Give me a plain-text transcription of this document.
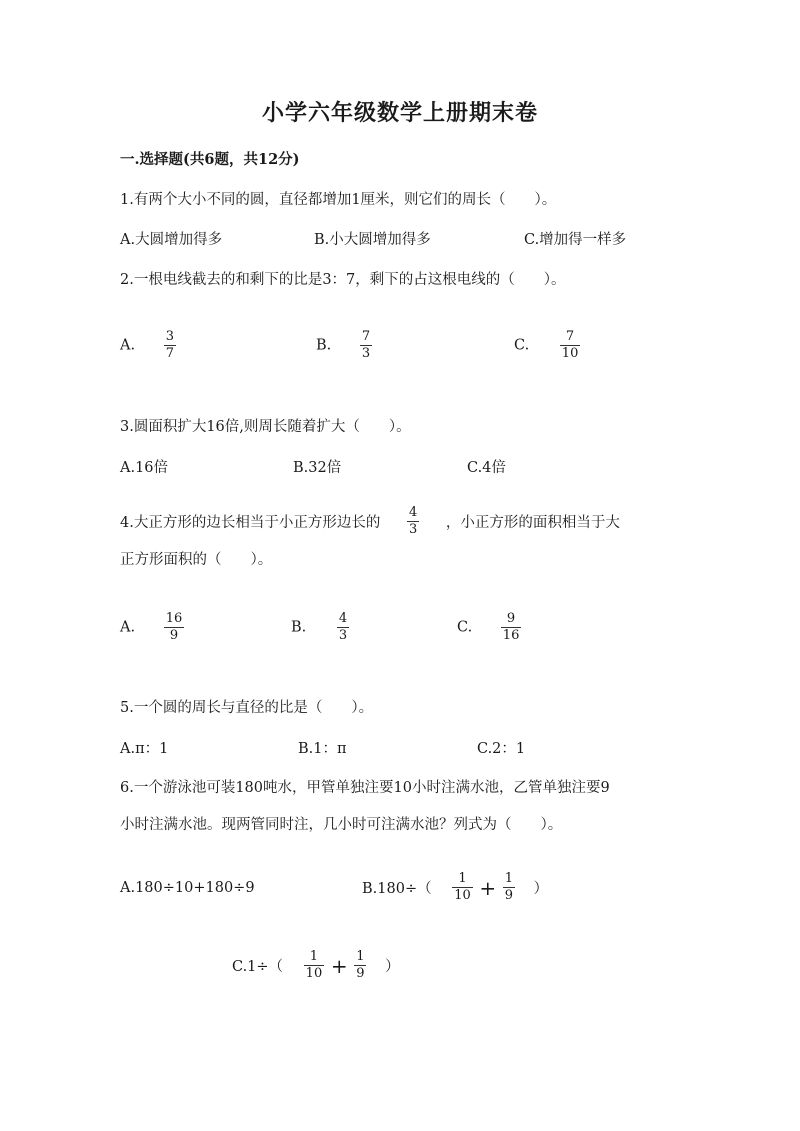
小学六年级数学上册期末卷
一.选择题(共6题，共12分)
1.有两个大小不同的圆，直径都增加1厘米，则它们的周长（　　）。
A.大圆增加得多	B.小大圆增加得多	C.增加得一样多
2.一根电线截去的和剩下的比是3：7，剩下的占这根电线的（　　）。
A. $\frac{3}{7}$	B. $\frac{7}{3}$	C. $\frac{7}{10}$
3.圆面积扩大16倍,则周长随着扩大（　　）。
A.16倍	B.32倍	C.4倍
4.大正方形的边长相当于小正方形边长的 $\frac{4}{3}$ ，小正方形的面积相当于大
正方形面积的（　　）。
A. $\frac{16}{9}$	B. $\frac{4}{3}$	C. $\frac{9}{16}$
5.一个圆的周长与直径的比是（　　）。
A.π：1	B.1：π	C.2：1
6.一个游泳池可装180吨水，甲管单独注要10小时注满水池，乙管单独注要9
小时注满水池。现两管同时注，几小时可注满水池？列式为（　　）。
A.180÷10+180÷9	$B.180\div( \frac{1}{10} + \frac{1}{9}$ ）
$C.1\div( \frac{1}{10} + \frac{1}{9}$ ）
